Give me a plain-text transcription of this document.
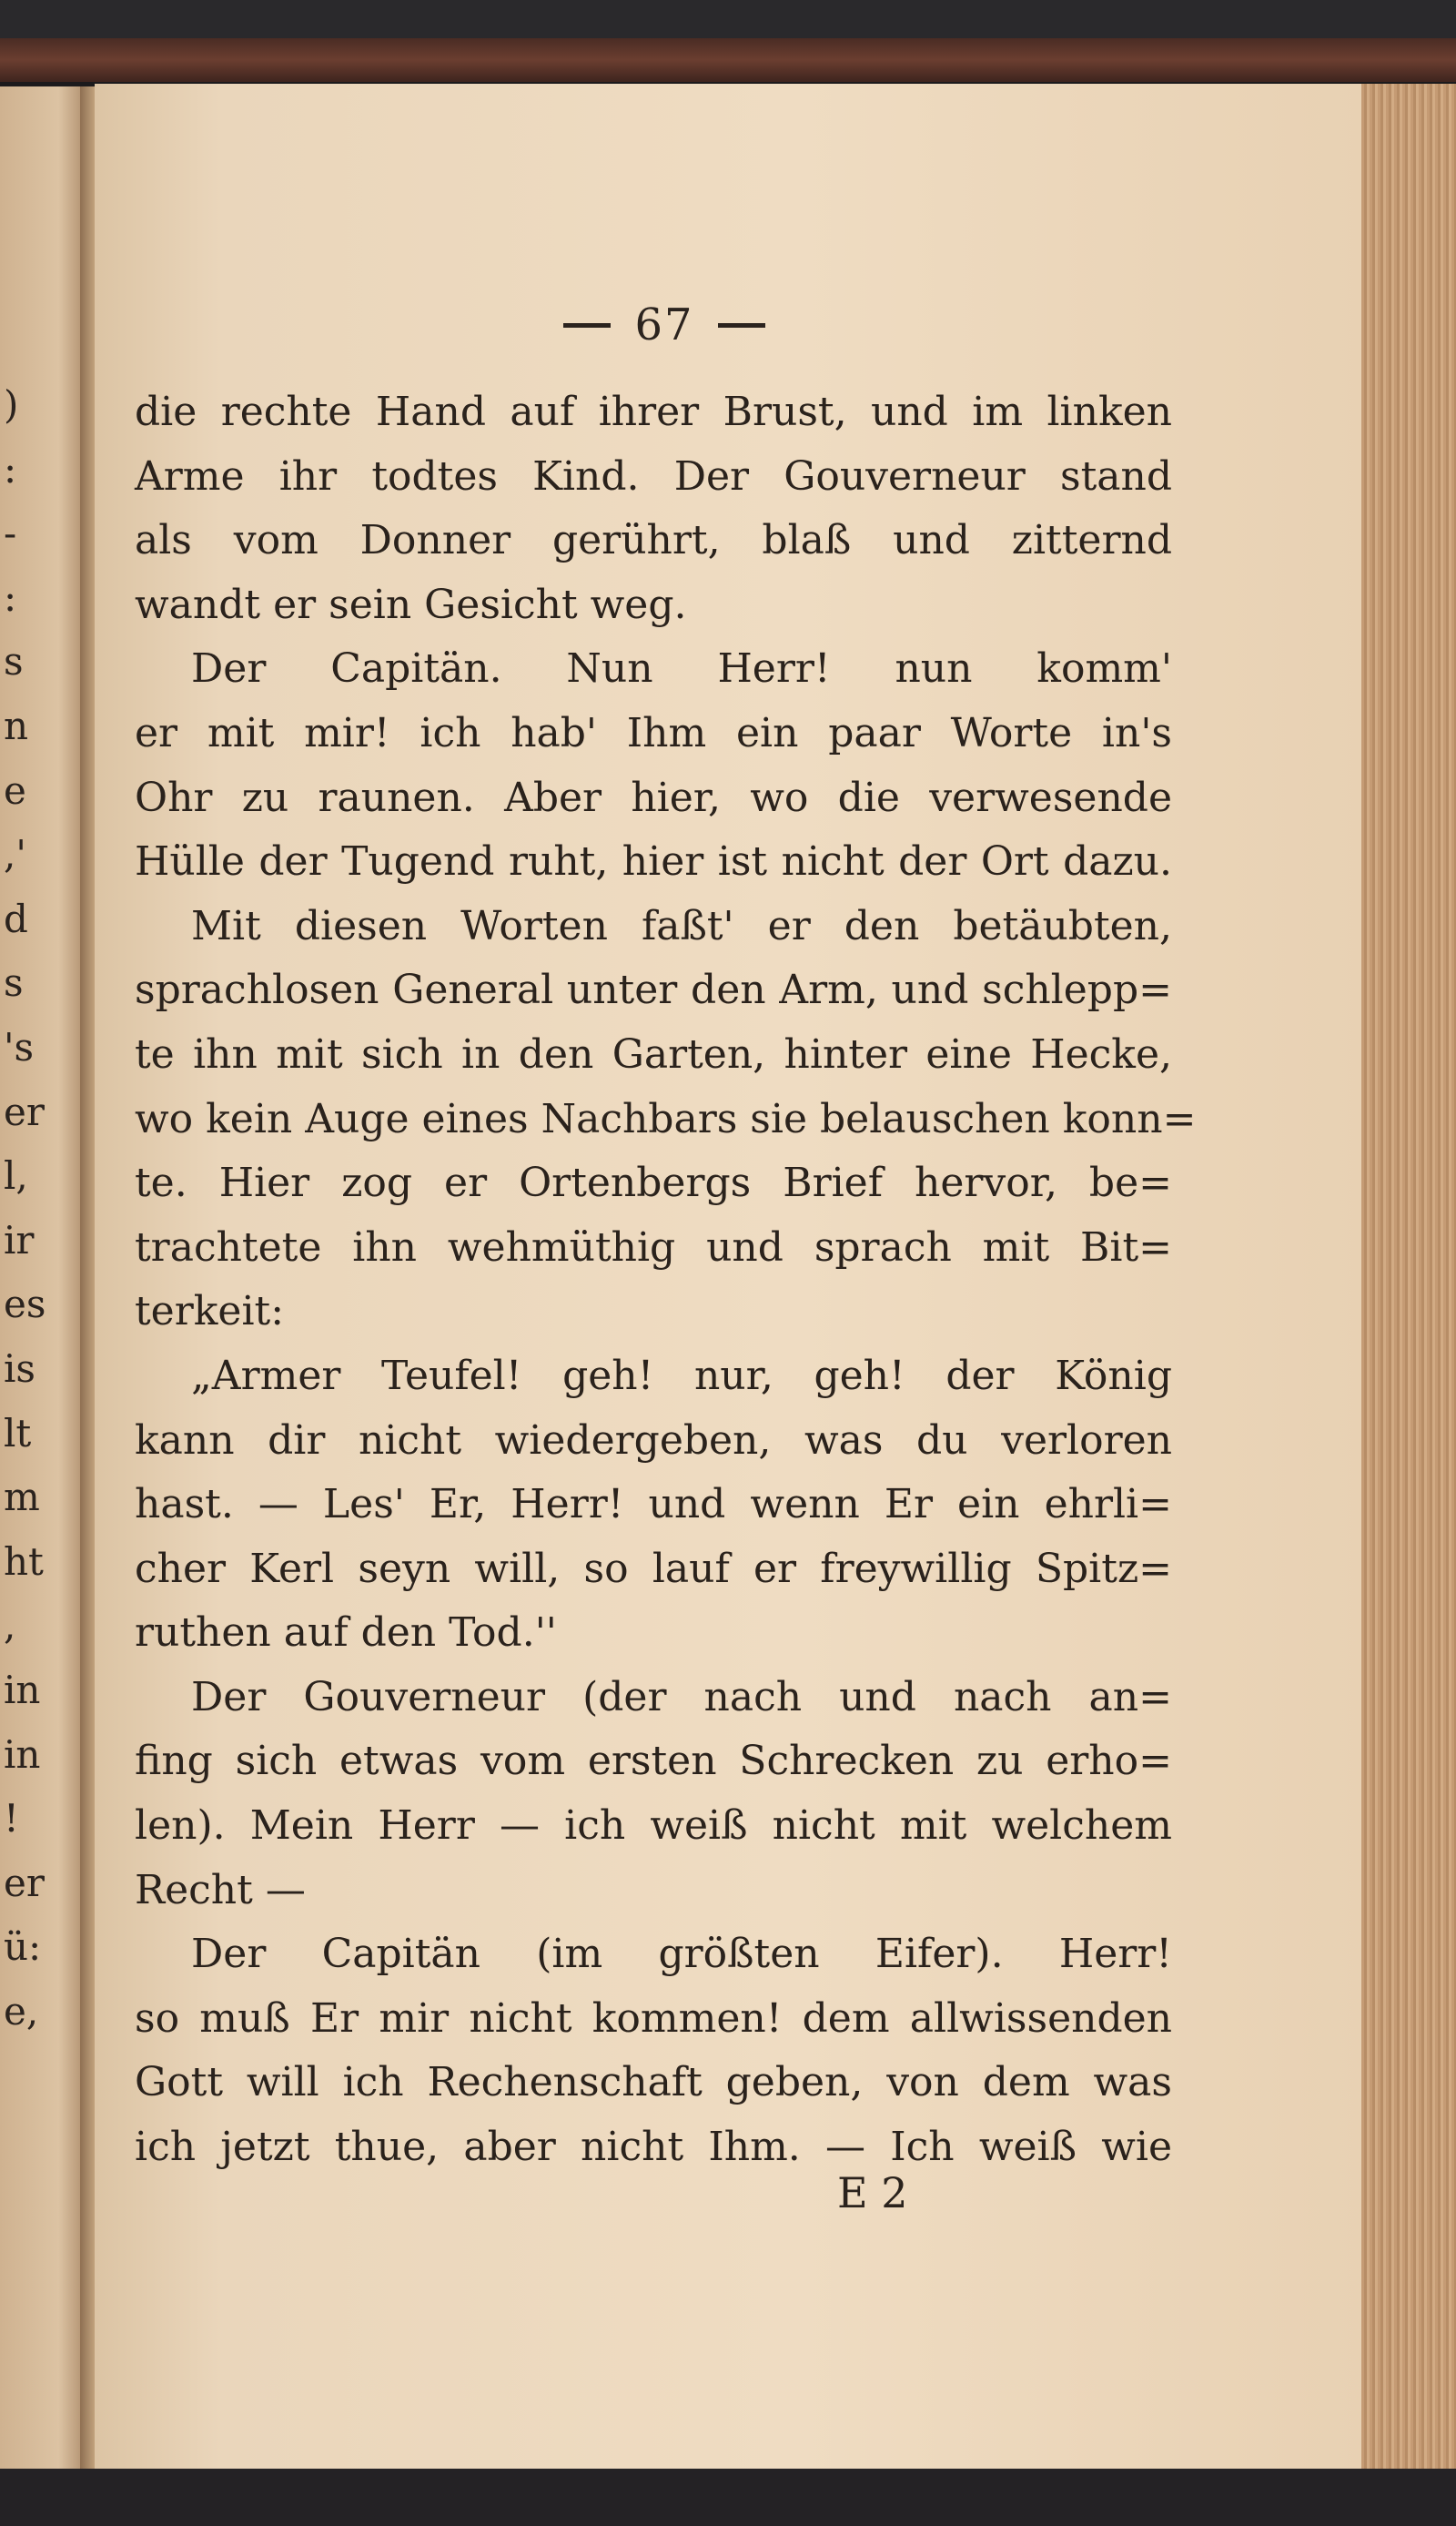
)
:
-
:
s
n
e
,'
d
s
's
er
l,
ir
es
is
lt
m
ht
,
in
in
!
er
ü:
e,
67
die rechte Hand auf ihrer Brust, und im linken
Arme ihr todtes Kind. Der Gouverneur stand
als vom Donner gerührt, blaß und zitternd
wandt er sein Gesicht weg.
Der Capitän. Nun Herr! nun komm'
er mit mir! ich hab' Ihm ein paar Worte in's
Ohr zu raunen. Aber hier, wo die verwesende
Hülle der Tugend ruht, hier ist nicht der Ort dazu.
Mit diesen Worten faßt' er den betäubten,
sprachlosen General unter den Arm, und schlepp=
te ihn mit sich in den Garten, hinter eine Hecke,
wo kein Auge eines Nachbars sie belauschen konn=
te. Hier zog er Ortenbergs Brief hervor, be=
trachtete ihn wehmüthig und sprach mit Bit=
terkeit:
„Armer Teufel! geh! nur, geh! der König
kann dir nicht wiedergeben, was du verloren
hast. — Les' Er, Herr! und wenn Er ein ehrli=
cher Kerl seyn will, so lauf er freywillig Spitz=
ruthen auf den Tod.''
Der Gouverneur (der nach und nach an=
fing sich etwas vom ersten Schrecken zu erho=
len). Mein Herr — ich weiß nicht mit welchem
Recht —
Der Capitän (im größten Eifer). Herr!
so muß Er mir nicht kommen! dem allwissenden
Gott will ich Rechenschaft geben, von dem was
ich jetzt thue, aber nicht Ihm. — Ich weiß wie
E 2
